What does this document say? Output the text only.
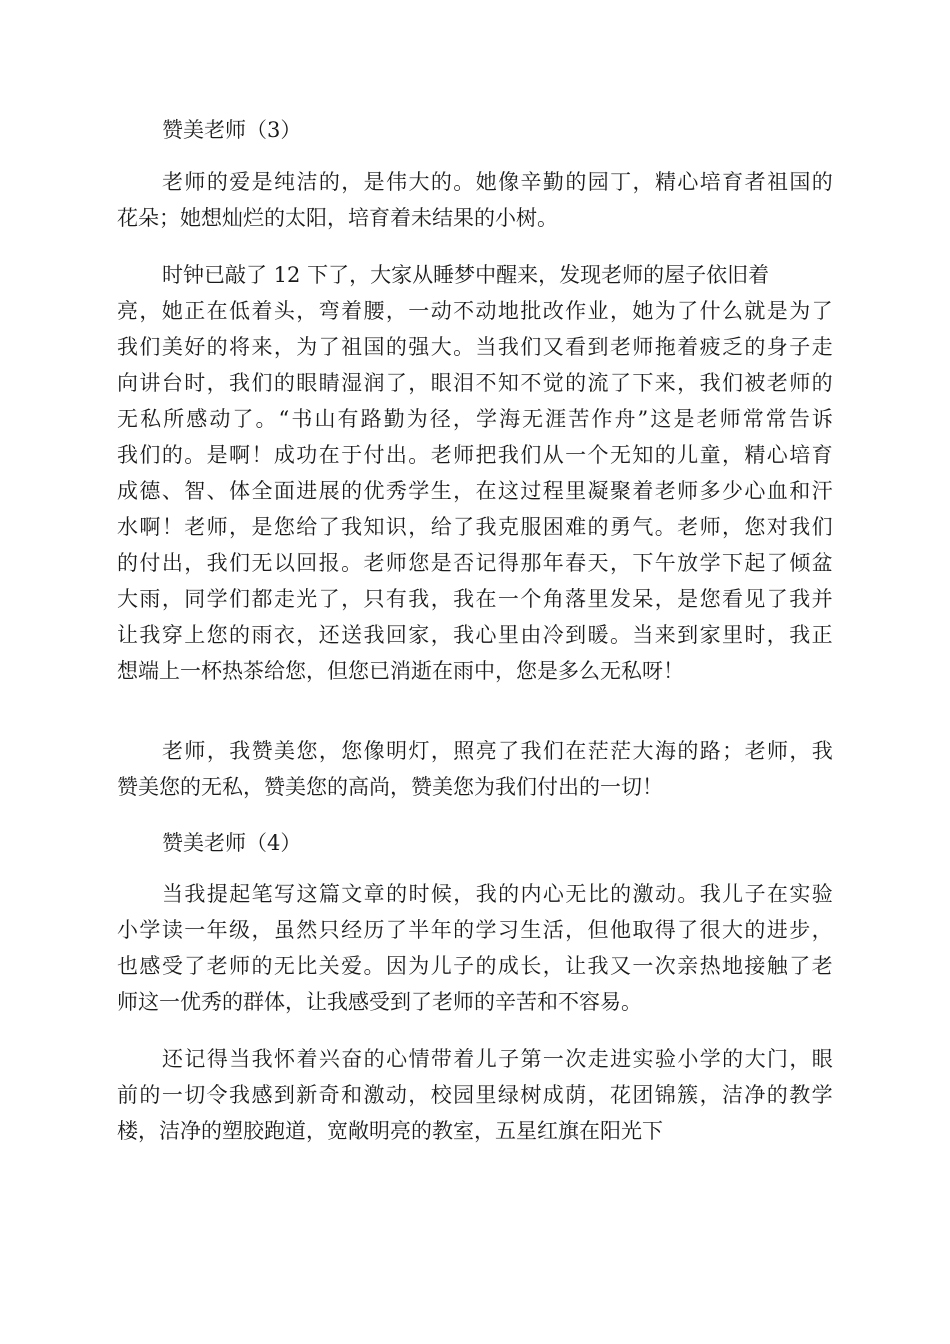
赞美老师（3）
老 师 的 爱 是 纯 洁 的 ， 是 伟 大 的 。 她 像 辛 勤 的 园 丁 ， 精 心 培 育 者 祖 国 的
花朵；她想灿烂的太阳，培育着未结果的小树。
时钟已敲了 12 下了，大家从睡梦中醒来，发现老师的屋子依旧着
亮 ， 她 正 在 低 着 头 ， 弯 着 腰 ， 一 动 不 动 地 批 改 作 业 ， 她 为 了 什 么 就 是 为 了
我 们 美 好 的 将 来 ， 为 了 祖 国 的 强 大 。 当 我 们 又 看 到 老 师 拖 着 疲 乏 的 身 子 走
向 讲 台 时 ， 我 们 的 眼 睛 湿 润 了 ， 眼 泪 不 知 不 觉 的 流 了 下 来 ， 我 们 被 老 师 的
无 私 所 感 动 了 。 “ 书 山 有 路 勤 为 径 ， 学 海 无 涯 苦 作 舟 ” 这 是 老 师 常 常 告 诉
我 们 的 。 是 啊 ！ 成 功 在 于 付 出 。 老 师 把 我 们 从 一 个 无 知 的 儿 童 ， 精 心 培 育
成 德 、 智 、 体 全 面 进 展 的 优 秀 学 生 ， 在 这 过 程 里 凝 聚 着 老 师 多 少 心 血 和 汗
水 啊 ！ 老 师 ， 是 您 给 了 我 知 识 ， 给 了 我 克 服 困 难 的 勇 气 。 老 师 ， 您 对 我 们
的 付 出 ， 我 们 无 以 回 报 。 老 师 您 是 否 记 得 那 年 春 天 ， 下 午 放 学 下 起 了 倾 盆
大 雨 ， 同 学 们 都 走 光 了 ， 只 有 我 ， 我 在 一 个 角 落 里 发 呆 ， 是 您 看 见 了 我 并
让 我 穿 上 您 的 雨 衣 ， 还 送 我 回 家 ， 我 心 里 由 冷 到 暖 。 当 来 到 家 里 时 ， 我 正
想端上一杯热茶给您，但您已消逝在雨中，您是多么无私呀！
老 师 ， 我 赞 美 您 ， 您 像 明 灯 ， 照 亮 了 我 们 在 茫 茫 大 海 的 路 ； 老 师 ， 我
赞美您的无私，赞美您的高尚，赞美您为我们付出的一切！
赞美老师（4）
当 我 提 起 笔 写 这 篇 文 章 的 时 候 ， 我 的 内 心 无 比 的 激 动 。 我 儿 子 在 实 验
小 学 读 一 年 级 ， 虽 然 只 经 历 了 半 年 的 学 习 生 活 ， 但 他 取 得 了 很 大 的 进 步 ，
也 感 受 了 老 师 的 无 比 关 爱 。 因 为 儿 子 的 成 长 ， 让 我 又 一 次 亲 热 地 接 触 了 老
师这一优秀的群体，让我感受到了老师的辛苦和不容易。
还 记 得 当 我 怀 着 兴 奋 的 心 情 带 着 儿 子 第 一 次 走 进 实 验 小 学 的 大 门 ， 眼
前 的 一 切 令 我 感 到 新 奇 和 激 动 ， 校 园 里 绿 树 成 荫 ， 花 团 锦 簇 ， 洁 净 的 教 学
楼，洁净的塑胶跑道，宽敞明亮的教室，五星红旗在阳光下
